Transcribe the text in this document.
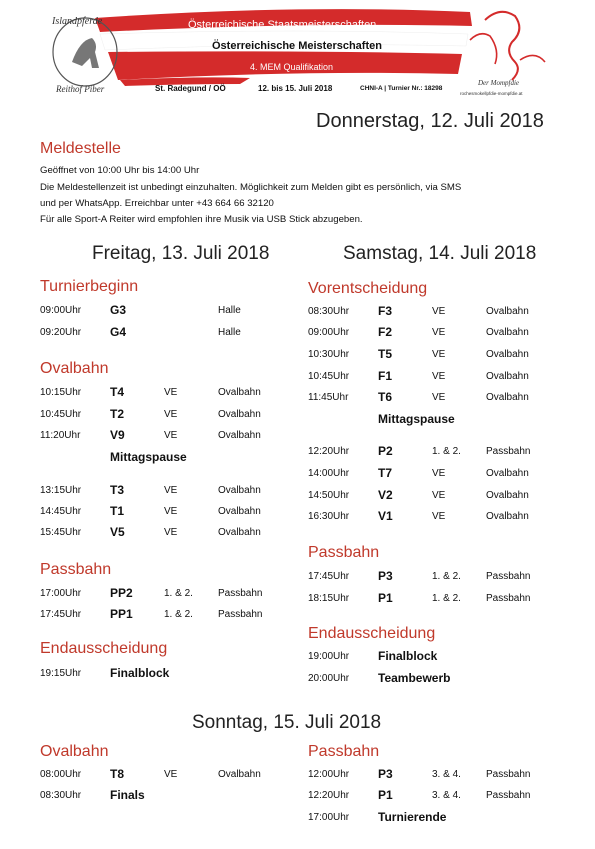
Islandpferde
Reithof Piber
Österreichische Staatsmeisterschaften
Österreichische Meisterschaften
4. MEM Qualifikation
St. Radegund / OÖ	12. bis 15. Juli 2018	CHNI-A | Turnier Nr.: 18298
Der Mompfdie
rochesmokellpfdie-mompfdie.at
Donnerstag, 12. Juli 2018
Meldestelle
Geöffnet von 10:00 Uhr bis 14:00 Uhr
Die Meldestellenzeit ist unbedingt einzuhalten. Möglichkeit zum Melden gibt es persönlich, via SMS
und per WhatsApp. Erreichbar unter +43 664 66 32120
Für alle Sport-A Reiter wird empfohlen ihre Musik via USB Stick abzugeben.
Freitag, 13. Juli 2018	Samstag, 14. Juli 2018
Turnierbeginn
09:00Uhr G3	Halle
09:20Uhr G4	Halle
Ovalbahn
10:15Uhr T4	VE	Ovalbahn
10:45Uhr T2	VE	Ovalbahn
11:20Uhr V9	VE	Ovalbahn
Mittagspause
13:15Uhr T3	VE	Ovalbahn
14:45Uhr T1	VE	Ovalbahn
15:45Uhr V5	VE	Ovalbahn
Passbahn
17:00Uhr PP2	1. & 2.	Passbahn
17:45Uhr PP1	1. & 2.	Passbahn
Endausscheidung
19:15Uhr Finalblock
Vorentscheidung
08:30Uhr F3	VE	Ovalbahn
09:00Uhr F2	VE	Ovalbahn
10:30Uhr T5	VE	Ovalbahn
10:45Uhr F1	VE	Ovalbahn
11:45Uhr T6	VE	Ovalbahn
Mittagspause
12:20Uhr P2	1. & 2.	Passbahn
14:00Uhr T7	VE	Ovalbahn
14:50Uhr V2	VE	Ovalbahn
16:30Uhr V1	VE	Ovalbahn
Passbahn
17:45Uhr P3	1. & 2.	Passbahn
18:15Uhr P1	1. & 2.	Passbahn
Endausscheidung
19:00Uhr Finalblock
20:00Uhr Teambewerb
Ovalbahn
08:00Uhr T8	VE	Ovalbahn
08:30Uhr Finals
Passbahn
12:00Uhr P3	3. & 4.	Passbahn
12:20Uhr P1	3. & 4.	Passbahn
17:00Uhr Turnierende
Sonntag, 15. Juli 2018
